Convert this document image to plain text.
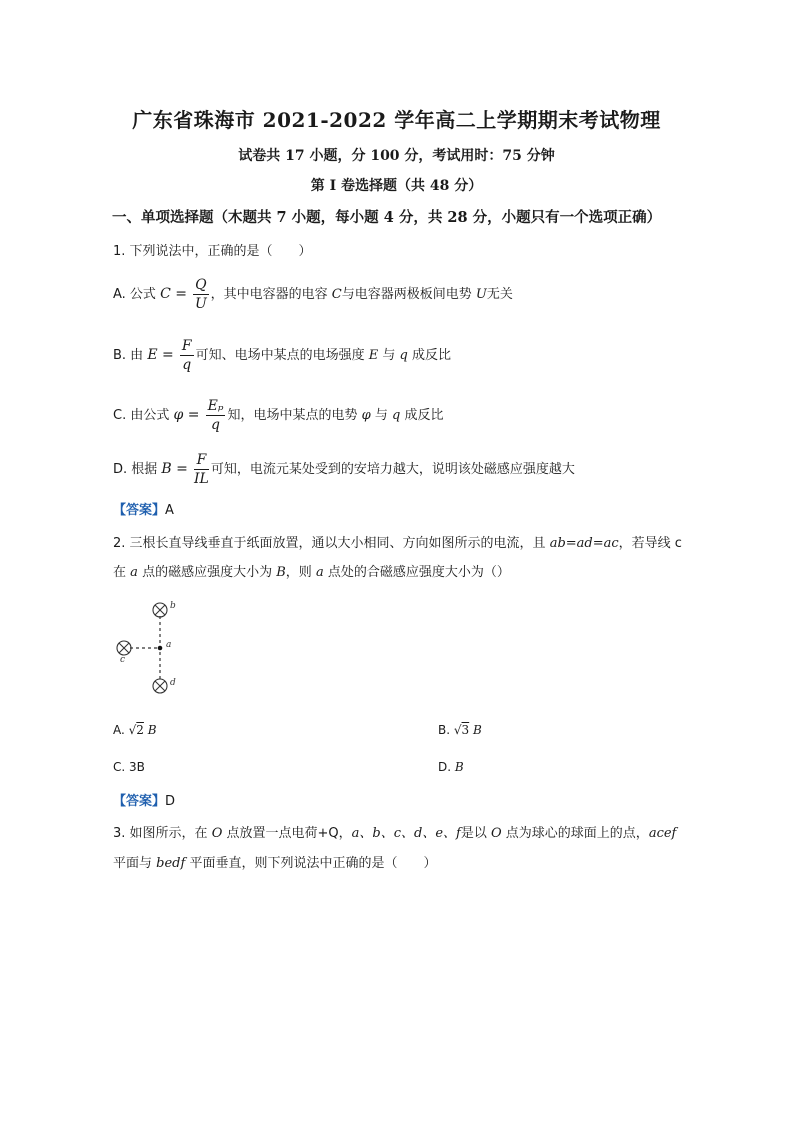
广东省珠海市 2021-2022 学年高二上学期期末考试物理
试卷共 17 小题，分 100 分，考试用时：75 分钟
第 I 卷选择题（共 48 分）
一、单项选择题（木题共 7 小题，每小题 4 分，共 28 分，小题只有一个选项正确）
1. 下列说法中，正确的是（　　）
A. 公式 $C = \frac{Q}{U}$ ，其中电容器的电容 C与电容器两极板间电势 U无关
B. 由 $E = \frac{F}{q}$ 可知、电场中某点的电场强度 E 与 q 成反比
C. 由公式 $\varphi = \frac{\text{Eₚ}}{q}$ 知，电场中某点的电势 φ 与 q 成反比
D. 根据 $B = \frac{F}{IL}$ 可知，电流元某处受到的安培力越大，说明该处磁感应强度越大
【答案】A
2. 三根长直导线垂直于纸面放置，通以大小相同、方向如图所示的电流，且 ab=ad=ac，若导线 c
在 a 点的磁感应强度大小为 B，则 a 点处的合磁感应强度大小为（）
b
a
c
d
A. √2 B	B. √3 B
C. 3B	D. B
【答案】D
3. 如图所示，在 O 点放置一点电荷+Q，a、b、c、d、e、f是以 O 点为球心的球面上的点，acef
平面与 bedf 平面垂直，则下列说法中正确的是（　　）
